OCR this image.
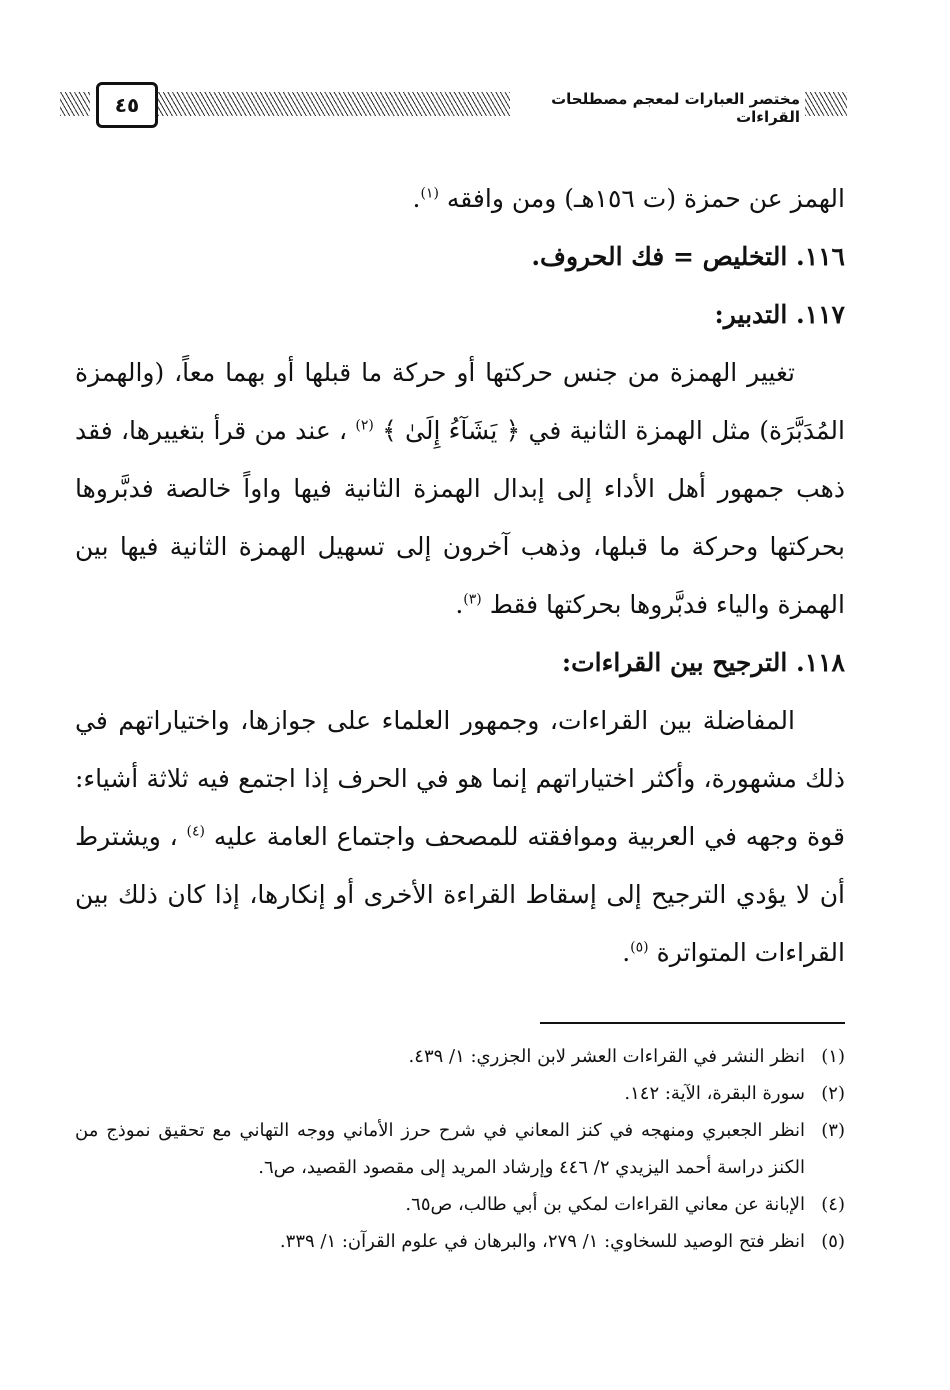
٤٥	مختصر العبارات لمعجم مصطلحات القراءات

الهمز عن حمزة (ت ١٥٦هـ) ومن وافقه $^{(١)}$.

١١٦. التخليص = فك الحروف.

١١٧. التدبير:

تغيير الهمزة من جنس حركتها أو حركة ما قبلها أو بهما معاً، (والهمزة المُدَبَّرَة) مثل الهمزة الثانية في ﴿ يَشَآءُ إِلَىٰ ﴾ $^{(٢)}$ ، عند من قرأ بتغييرها، فقد ذهب جمهور أهل الأداء إلى إبدال الهمزة الثانية فيها واواً خالصة فدبَّروها بحركتها وحركة ما قبلها، وذهب آخرون إلى تسهيل الهمزة الثانية فيها بين الهمزة والياء فدبَّروها بحركتها فقط $^{(٣)}$.

١١٨. الترجيح بين القراءات:

المفاضلة بين القراءات، وجمهور العلماء على جوازها، واختياراتهم في ذلك مشهورة، وأكثر اختياراتهم إنما هو في الحرف إذا اجتمع فيه ثلاثة أشياء: قوة وجهه في العربية وموافقته للمصحف واجتماع العامة عليه $^{(٤)}$ ، ويشترط أن لا يؤدي الترجيح إلى إسقاط القراءة الأخرى أو إنكارها، إذا كان ذلك بين القراءات المتواترة $^{(٥)}$.

(١)
انظر النشر في القراءات العشر لابن الجزري: ١/ ٤٣٩.
(٢)
سورة البقرة، الآية: ١٤٢.
(٣)
انظر الجعبري ومنهجه في كنز المعاني في شرح حرز الأماني ووجه التهاني مع تحقيق نموذج من الكنز دراسة أحمد اليزيدي ٢/ ٤٤٦ وإرشاد المريد إلى مقصود القصيد، ص٦.
(٤)
الإبانة عن معاني القراءات لمكي بن أبي طالب، ص٦٥.
(٥)
انظر فتح الوصيد للسخاوي: ١/ ٢٧٩، والبرهان في علوم القرآن: ١/ ٣٣٩.
